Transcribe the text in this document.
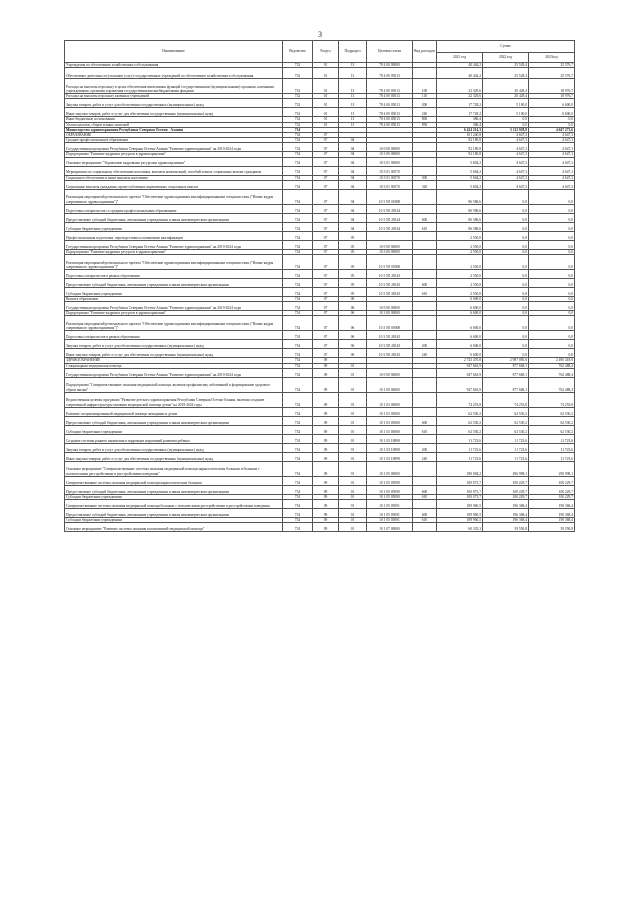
3
Наименование	Ведомство	Раздел	Подраздел	Целевая статья	Вид расходов	Сумма		
						2021 год	2022 год	2023год
Учреждения по обеспечению хозяйственного обслуживания	732	01	13	78 4 00 00000		40 444,2	25 528,4	25 576,7
Обеспечение деятельности (оказание услуг) государственных учреждений по обеспечению хозяйственного обслуживания	732	01	13	78 4 00 05013		40 444,2	25 528,4	25 576,7
Расходы на выплаты персоналу в целях обеспечения выполнения функций государственными (муниципальными) органами, казенными учреждениями, органами управления государственными внебюджетными фондами	732	01	13	78 4 00 05013	100	22 329,6	20 428,4	18 976,7
Расходы на выплаты персоналу казенных учреждений	732	01	13	78 4 00 05013	110	22 329,6	20 428,4	18 976,7
Закупка товаров, работ и услуг для обеспечения государственных (муниципальных) нужд	732	01	13	78 4 00 05013	200	17 728,2	5 100,0	6 600,0
Иные закупки товаров, работ и услуг для обеспечения государственных (муниципальных) нужд	732	01	13	78 4 00 05013	240	17 728,2	5 100,0	6 600,0
Иные бюджетные ассигнования	732	01	13	78 4 00 05013	800	386,4	0,0	0,0
Уплата налогов, сборов и иных платежей	732	01	13	78 4 00 05013	850	386,4	0,0	0,0
Министерство здравоохранения Республики Северная Осетия - Алания	734					6 424 214,3	5 112 928,8	4 647 273,6
ОБРАЗОВАНИЕ	734	07				101 240,8	4 647,3	4 647,3
Среднее профессиональное образование	734	07	04			92 180,8	4 647,3	4 647,3
Государственная программа Республики Северная Осетия-Алания "Развитие здравоохранения" на 2019-2024 годы	734	07	04	10 0 00 00000		92 180,8	4 647,3	4 647,3
Подпрограмма "Развитие кадровых ресурсов в здравоохранении"	734	07	04	10 3 00 00000		92 180,8	4 647,3	4 647,3
Основное мероприятие "Управление кадровыми ресурсами здравоохранения"	734	07	04	10 3 01 00000		5 604,2	4 647,3	4 647,3
Мероприятия по социальному обеспечению населения, выплаты компенсаций, пособий и иных социальных выплат гражданам	734	07	04	10 3 01 00570		5 604,2	4 647,3	4 647,3
Социальное обеспечение и иные выплаты населению	734	07	04	10 3 01 00570	300	5 604,2	4 647,3	4 647,3
Социальные выплаты гражданам, кроме публичных нормативных социальных выплат	734	07	04	10 3 01 00570	320	5 604,2	4 647,3	4 647,3
Реализация мероприятий регионального проекта "Обеспечение здравоохранения квалифицированными специалистами ("Новые кадры современного здравоохранения")"	734	07	04	10 3 N5 00000		86 586,6	0,0	0,0
Подготовка специалистов со средним профессиональным образованием	734	07	04	10 3 N5 28144		86 586,6	0,0	0,0
Предоставление субсидий бюджетным, автономным учреждениям и иным некоммерческим организациям	734	07	04	10 3 N5 28144	600	86 586,6	0,0	0,0
Субсидии бюджетным учреждениям	734	07	04	10 3 N5 28144	610	86 586,6	0,0	0,0
Профессиональная подготовка, переподготовка и повышение квалификации	734	07	05			2 550,0	0,0	0,0
Государственная программа Республики Северная Осетия-Алания "Развитие здравоохранения" на 2019-2024 годы	734	07	05	10 0 00 00000		2 550,0	0,0	0,0
Подпрограмма "Развитие кадровых ресурсов в здравоохранении"	734	07	05	10 3 00 00000		2 550,0	0,0	0,0
Реализация мероприятий регионального проекта "Обеспечение здравоохранения квалифицированными специалистами ("Новые кадры современного здравоохранения")"	734	07	05	10 3 N5 00000		2 550,0	0,0	0,0
Подготовка специалистов в рамках образования	734	07	05	10 3 N5 28145		2 550,0	0,0	0,0
Предоставление субсидий бюджетным, автономным учреждениям и иным некоммерческим организациям	734	07	05	10 3 N5 28145	600	2 550,0	0,0	0,0
Субсидии бюджетным учреждениям	734	07	05	10 3 N5 28145	610	2 550,0	0,0	0,0
Высшее образование	734	07	06			6 600,0	0,0	0,0
Государственная программа Республики Северная Осетия-Алания "Развитие здравоохранения" на 2019-2024 годы	734	07	06	10 0 00 00000		6 600,0	0,0	0,0
Подпрограмма "Развитие кадровых ресурсов в здравоохранении"	734	07	06	10 3 00 00000		6 600,0	0,0	0,0
Реализация мероприятий регионального проекта "Обеспечение здравоохранения квалифицированными специалистами ("Новые кадры современного здравоохранения")"	734	07	06	10 3 N5 00000		6 600,0	0,0	0,0
Подготовка специалистов в рамках образования	734	07	06	10 3 N5 28145		6 600,0	0,0	0,0
Закупка товаров, работ и услуг для обеспечения государственных (муниципальных) нужд	734	07	06	10 3 N5 28145	200	6 600,0	0,0	0,0
Иные закупки товаров, работ и услуг для обеспечения государственных (муниципальных) нужд	734	07	06	10 3 N5 28145	240	6 600,0	0,0	0,0
ЗДРАВООХРАНЕНИЕ	734	09				2 743 470,8	2 987 085,0	2 490 418,9
Стационарная медицинская помощь	734	09	01			947 663,9	877 668,1	762 488,4
Государственная программа Республики Северная Осетия-Алания "Развитие здравоохранения" на 2019-2024 годы	734	09	01	10 0 00 00000		947 663,9	877 668,1	762 488,4
Подпрограмма "Совершенствование оказания медицинской помощи, включая профилактику заболеваний и формирование здорового образа жизни"	734	09	01	10 1 00 00000		947 663,9	877 668,1	762 488,4
Ведомственная целевая программа "Развитие детского здравоохранения Республики Северная Осетия-Алания, включая создание современной инфраструктуры оказания медицинской помощи детям" на 2019-2024 годы	734	09	01	10 1 03 00000		74 253,8	74 253,8	74 253,8
Развитие специализированной медицинской помощи женщинам и детям	734	09	01	10 1 03 05060		62 530,2	62 530,2	62 530,2
Предоставление субсидий бюджетным, автономным учреждениям и иным некоммерческим организациям	734	09	01	10 1 03 05060	600	62 530,2	62 530,2	62 530,2
Субсидии бюджетным учреждениям	734	09	01	10 1 03 05060	610	62 530,2	62 530,2	62 530,2
Создание системы раннего выявления и коррекции нарушений развития ребенка	734	09	01	10 1 03 10898		11 723,6	11 723,6	11 723,6
Закупка товаров, работ и услуг для обеспечения государственных (муниципальных) нужд	734	09	01	10 1 03 10898	200	11 723,6	11 723,6	11 723,6
Иные закупки товаров, работ и услуг для обеспечения государственных (муниципальных) нужд	734	09	01	10 1 03 10898	240	11 723,6	11 723,6	11 723,6
Основное мероприятие "Совершенствование системы оказания медицинской помощи наркологическим больным и больным с психическими расстройствами и расстройствами поведения"	734	09	01	10 1 05 00000		290 094,2	296 998,1	290 998,1
Совершенствование системы оказания медицинской помощи наркологическим больным	734	09	01	10 1 05 05090		100 073,7	100 229,7	100 229,7
Предоставление субсидий бюджетным, автономным учреждениям и иным некоммерческим организациям	734	09	01	10 1 05 05090	600	100 073,7	100 229,7	100 229,7
Субсидии бюджетным учреждениям	734	09	01	10 1 05 05090	610	100 073,7	100 229,7	100 229,7
Совершенствование системы оказания медицинской помощи больным с психическими расстройствами и расстройствами поведения	734	09	01	10 1 05 05091		189 960,5	196 368,4	190 368,4
Предоставление субсидий бюджетным, автономным учреждениям и иным некоммерческим организациям	734	09	01	10 1 05 05091	600	189 960,5	196 368,4	190 368,4
Субсидии бюджетным учреждениям	734	09	01	10 1 05 05091	610	189 960,5	196 368,4	190 368,4
Основное мероприятие "Развитие системы оказания паллиативной медицинской помощи"	734	09	01	10 1 07 00000		60 333,3	59 550,8	59 550,8
